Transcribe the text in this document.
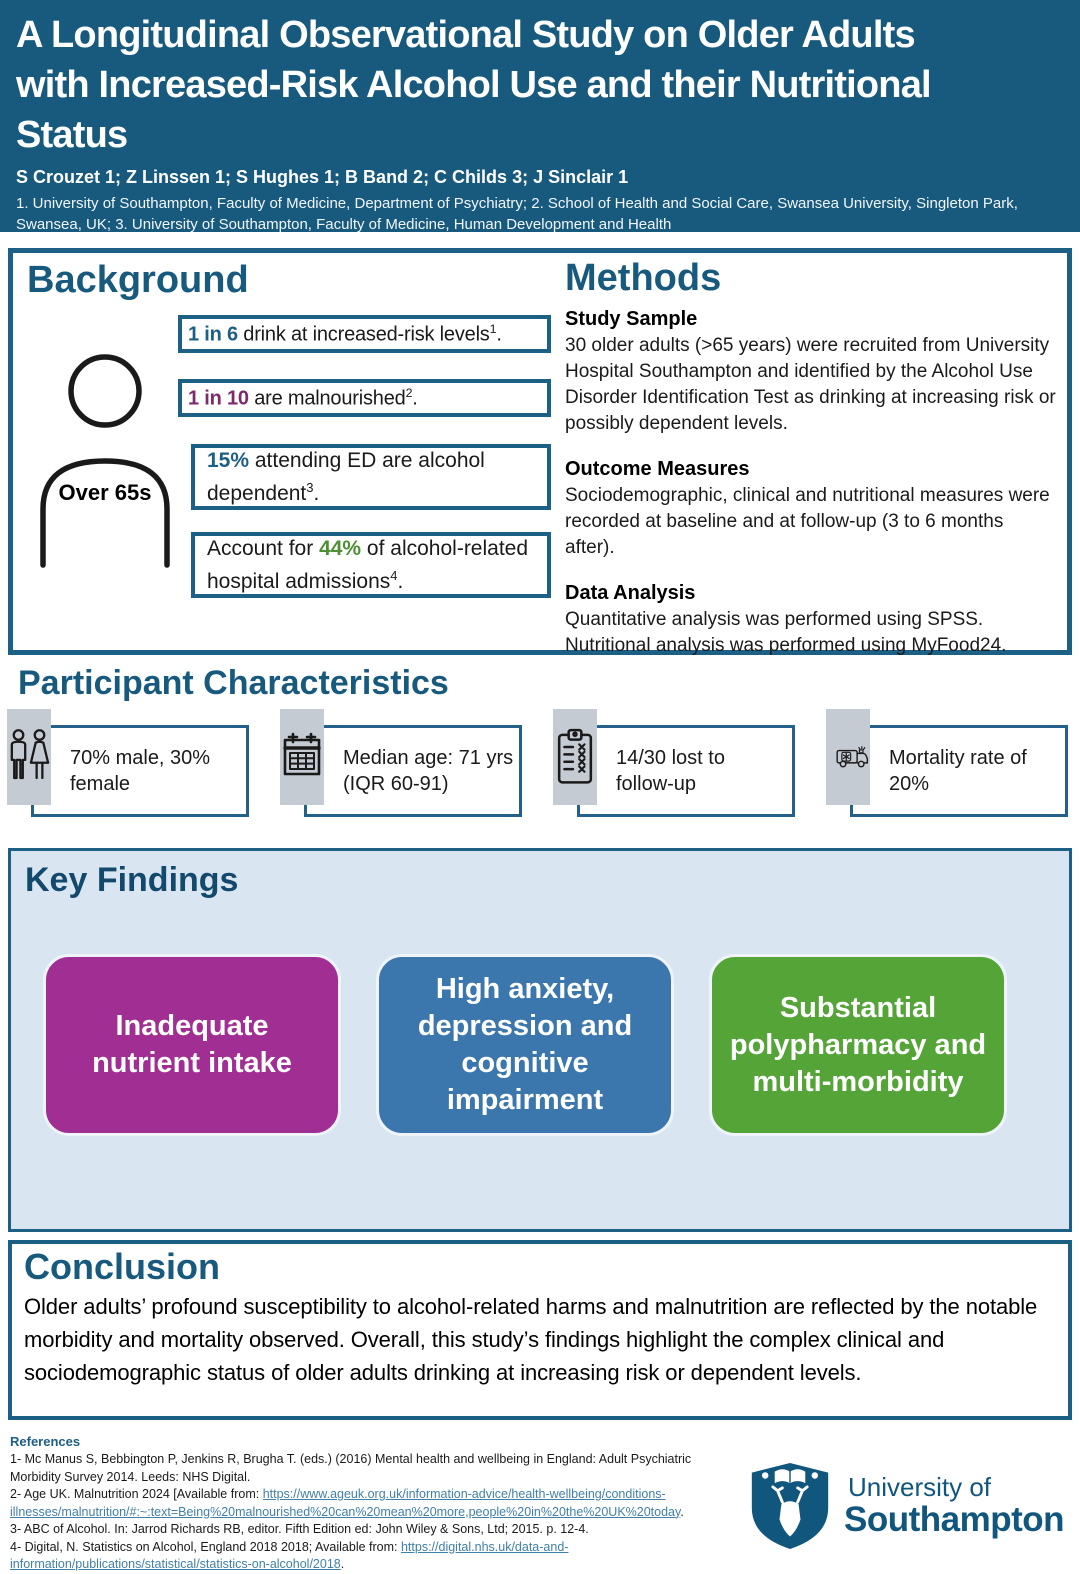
A Longitudinal Observational Study on Older Adults
with Increased-Risk Alcohol Use and their Nutritional
Status
S Crouzet 1; Z Linssen 1; S Hughes 1; B Band 2; C Childs 3; J Sinclair 1
1. University of Southampton, Faculty of Medicine, Department of Psychiatry; 2. School of Health and Social Care, Swansea University, Singleton Park, Swansea, UK; 3. University of Southampton, Faculty of Medicine, Human Development and Health
Background
Over 65s
1 in 6 drink at increased-risk levels$^1$.
1 in 10 are malnourished$^2$.
15% attending ED are alcohol dependent$^3$.
Account for 44% of alcohol-related hospital admissions$^4$.
Methods
Study Sample

30 older adults (>65 years) were recruited from University Hospital Southampton and identified by the Alcohol Use Disorder Identification Test as drinking at increasing risk or possibly dependent levels.

Outcome Measures

Sociodemographic, clinical and nutritional measures were recorded at baseline and at follow-up (3 to 6 months after).

Data Analysis

Quantitative analysis was performed using SPSS. Nutritional analysis was performed using MyFood24.

Participant Characteristics
70% male, 30% female
Median age: 71 yrs (IQR 60-91)
14/30 lost to follow-up
Mortality rate of 20%
Key Findings
Inadequate nutrient intake
High anxiety, depression and cognitive impairment
Substantial polypharmacy and multi-morbidity
Conclusion

Older adults’ profound susceptibility to alcohol-related harms and malnutrition are reflected by the notable morbidity and mortality observed. Overall, this study’s findings highlight the complex clinical and sociodemographic status of older adults drinking at increasing risk or dependent levels.

References

1- Mc Manus S, Bebbington P, Jenkins R, Brugha T. (eds.) (2016) Mental health and wellbeing in England: Adult Psychiatric Morbidity Survey 2014. Leeds: NHS Digital.

2- Age UK. Malnutrition 2024 [Available from: https://www.ageuk.org.uk/information-advice/health-wellbeing/conditions-illnesses/malnutrition/#:~:text=Being%20malnourished%20can%20mean%20more,people%20in%20the%20UK%20today.

3- ABC of Alcohol. In: Jarrod Richards RB, editor. Fifth Edition ed: John Wiley & Sons, Ltd; 2015. p. 12-4.

4- Digital, N. Statistics on Alcohol, England 2018 2018; Available from: https://digital.nhs.uk/data-and-information/publications/statistical/statistics-on-alcohol/2018.

University of
Southampton
